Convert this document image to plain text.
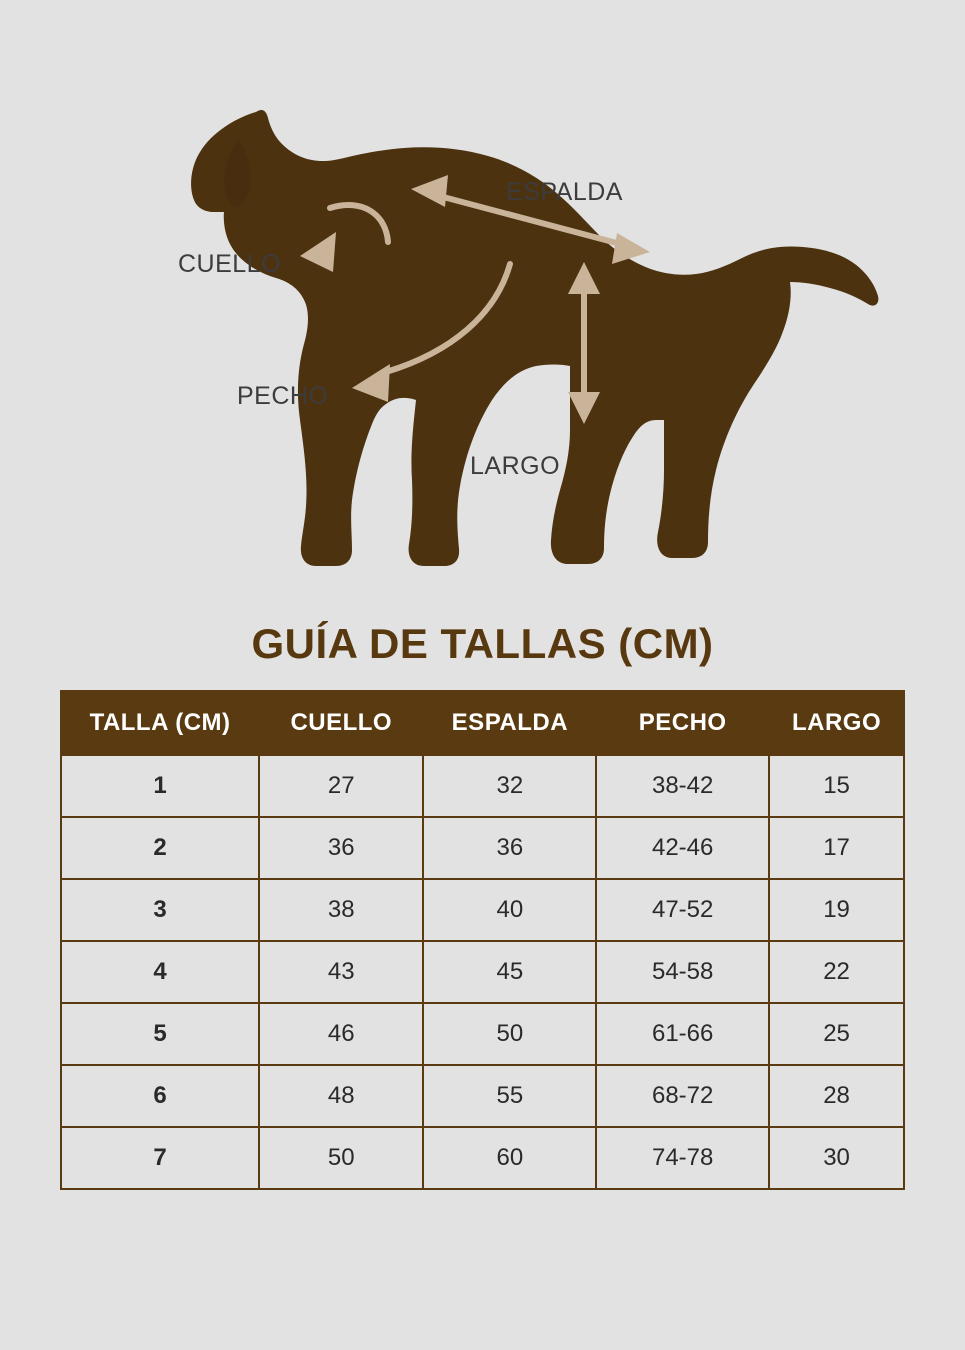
ESPALDA
CUELLO
PECHO
LARGO
GUÍA DE TALLAS (CM)
TALLA (CM)	CUELLO	ESPALDA	PECHO	LARGO
1	27	32	38-42	15
2	36	36	42-46	17
3	38	40	47-52	19
4	43	45	54-58	22
5	46	50	61-66	25
6	48	55	68-72	28
7	50	60	74-78	30
